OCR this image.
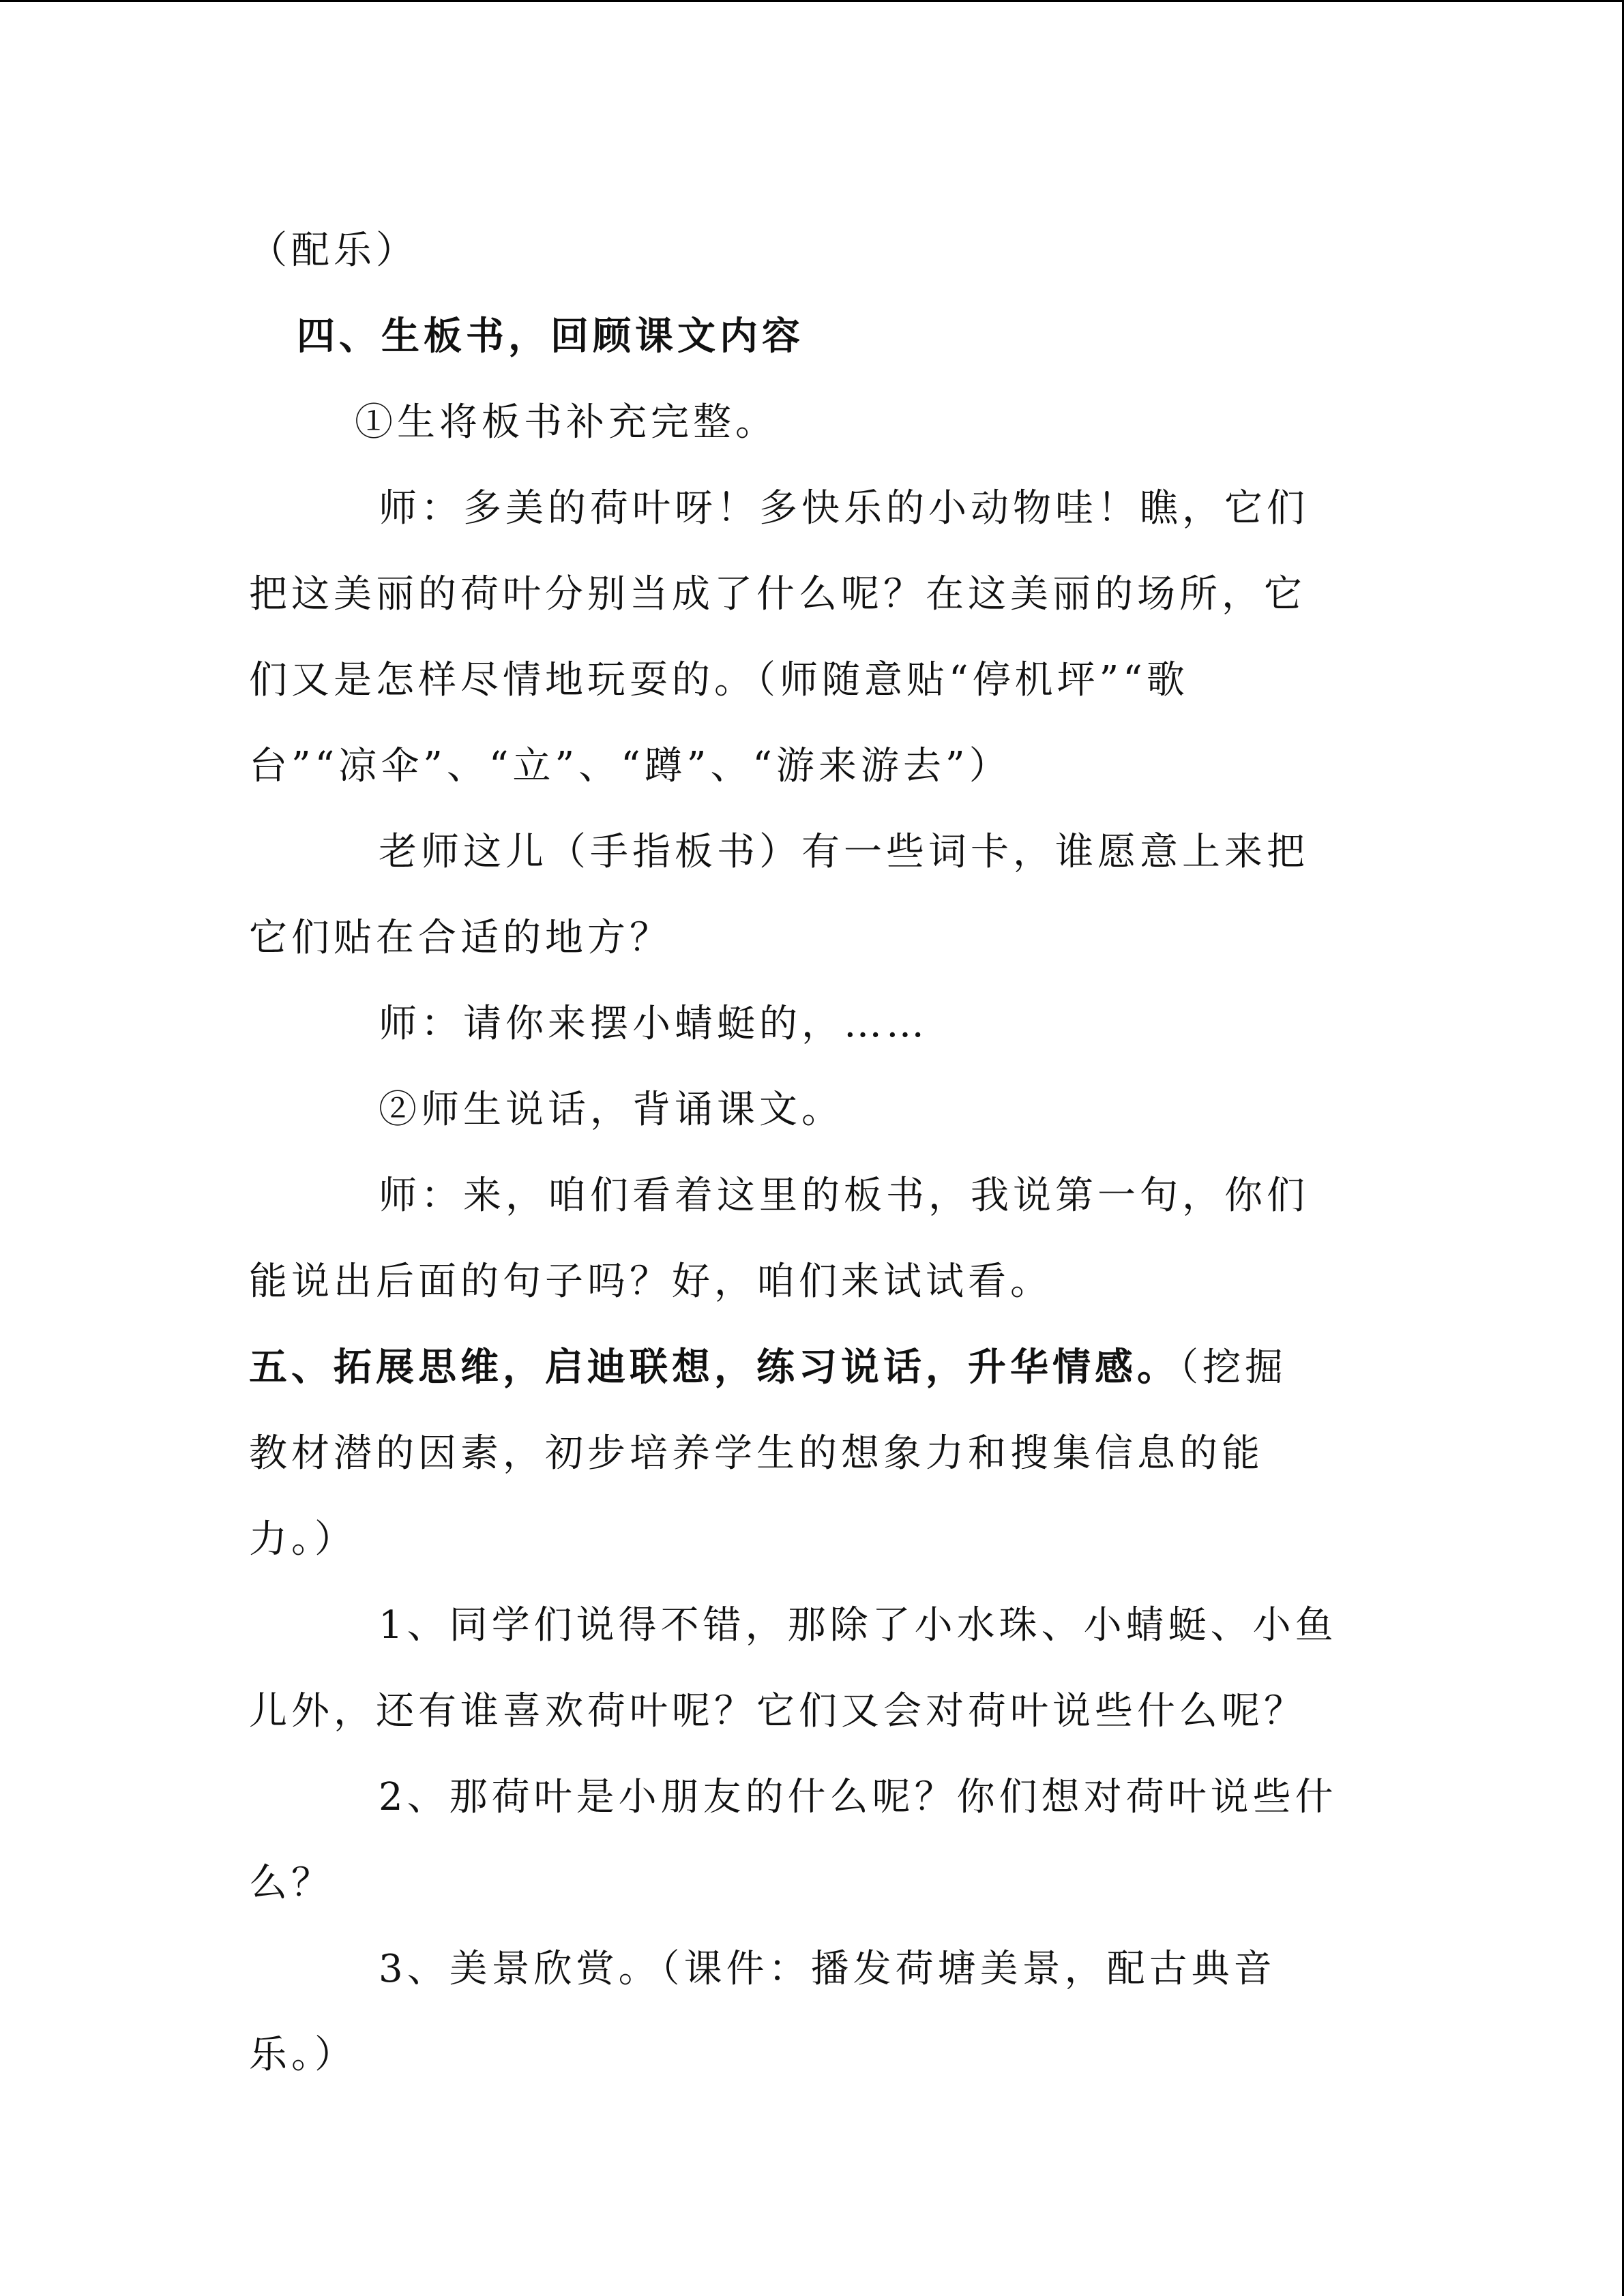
（配乐）
四、生板书，回顾课文内容
①生将板书补充完整。
师：多美的荷叶呀！多快乐的小动物哇！瞧，它们
把这美丽的荷叶分别当成了什么呢？在这美丽的场所，它
们又是怎样尽情地玩耍的。（师随意贴“停机坪”“歌
台”“凉伞”、“立”、“蹲”、“游来游去”）
老师这儿（手指板书）有一些词卡，谁愿意上来把
它们贴在合适的地方？
师：请你来摆小蜻蜓的，……
②师生说话，背诵课文。
师：来，咱们看着这里的板书，我说第一句，你们
能说出后面的句子吗？好，咱们来试试看。
五、拓展思维，启迪联想，练习说话，升华情感。（挖掘
教材潜的因素，初步培养学生的想象力和搜集信息的能
力。）
1、同学们说得不错，那除了小水珠、小蜻蜓、小鱼
儿外，还有谁喜欢荷叶呢？它们又会对荷叶说些什么呢？
2、那荷叶是小朋友的什么呢？你们想对荷叶说些什
么？
3、美景欣赏。（课件：播发荷塘美景，配古典音
乐。）
